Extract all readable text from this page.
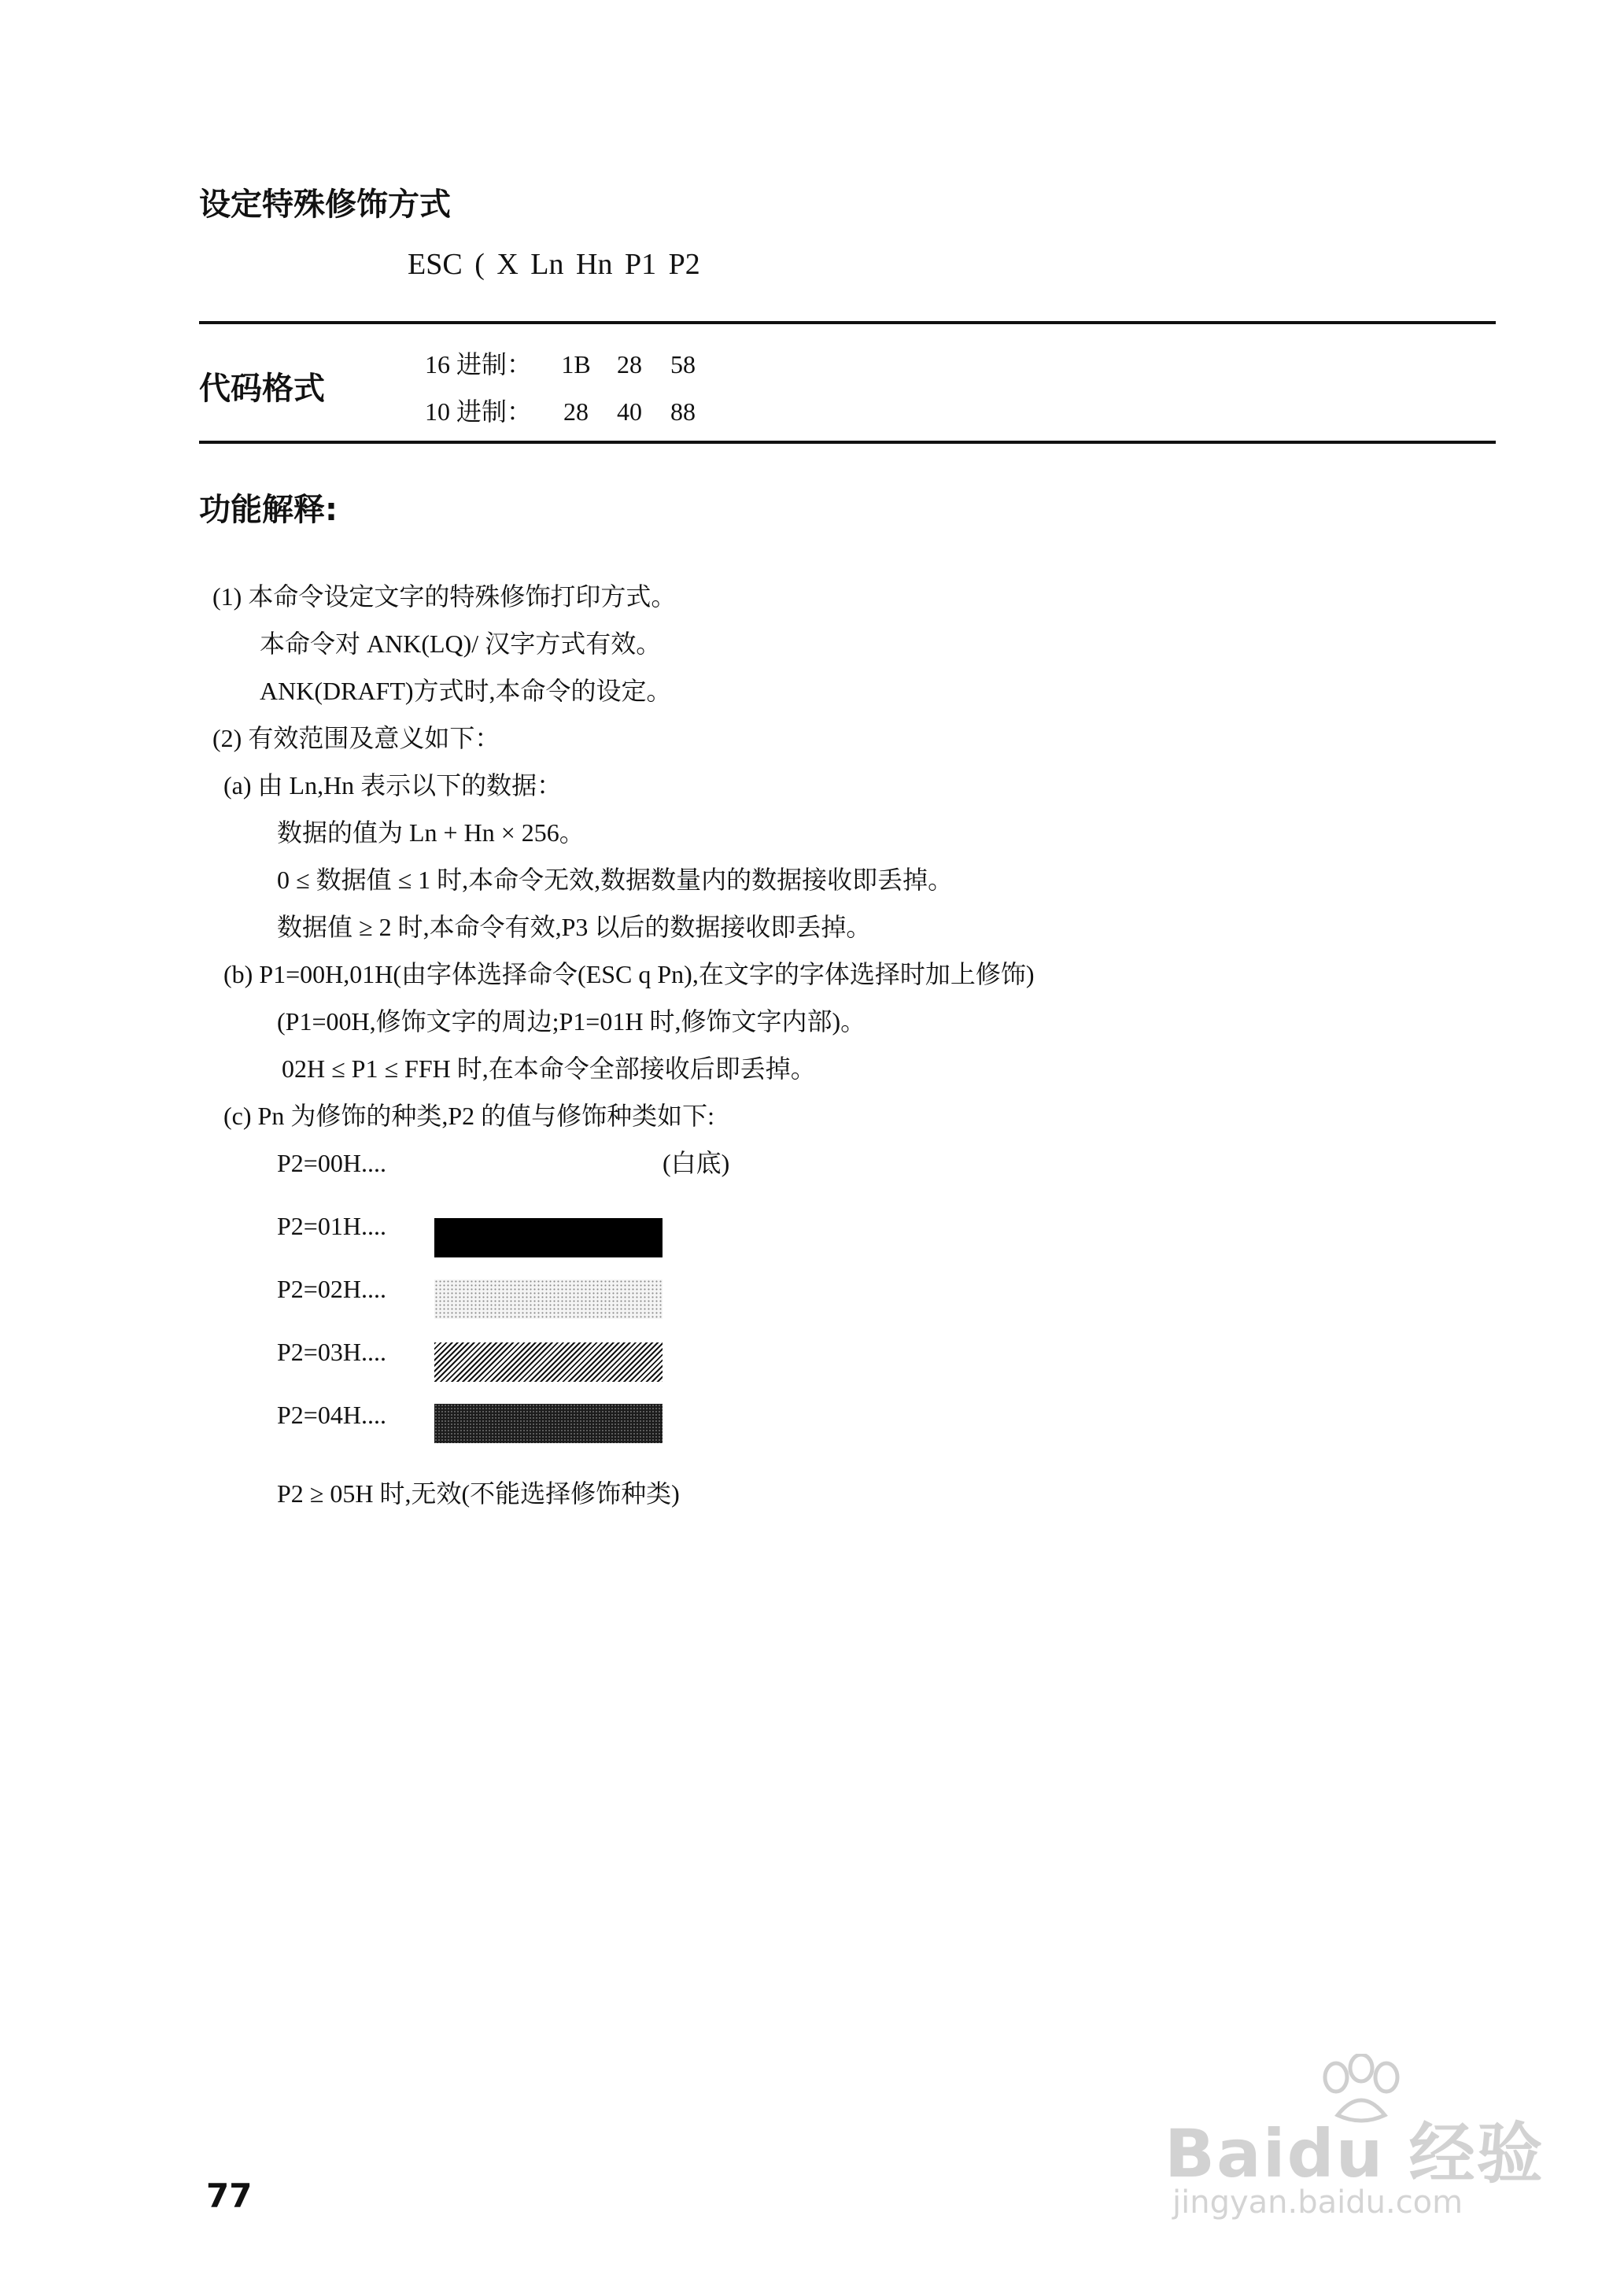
设定特殊修饰方式
ESC ( X Ln Hn P1 P2
代码格式
16 进制： 1B 28 58
10 进制： 28 40 88
功能解释:
(1) 本命令设定文字的特殊修饰打印方式。
本命令对 ANK(LQ)/ 汉字方式有效。
ANK(DRAFT)方式时,本命令的设定。
(2) 有效范围及意义如下：
(a) 由 Ln,Hn 表示以下的数据：
数据的值为 Ln + Hn × 256。
0 ≤ 数据值 ≤ 1 时,本命令无效,数据数量内的数据接收即丢掉。
数据值 ≥ 2 时,本命令有效,P3 以后的数据接收即丢掉。
(b) P1=00H,01H(由字体选择命令(ESC q Pn),在文字的字体选择时加上修饰)
(P1=00H,修饰文字的周边;P1=01H 时,修饰文字内部)。
02H ≤ P1 ≤ FFH 时,在本命令全部接收后即丢掉。
(c) Pn 为修饰的种类,P2 的值与修饰种类如下:
P2=00H....	(白底)
P2=01H....
P2=02H....
P2=03H....
P2=04H....
P2 ≥ 05H 时,无效(不能选择修饰种类)
77
Baidu 经验
jingyan.baidu.com
